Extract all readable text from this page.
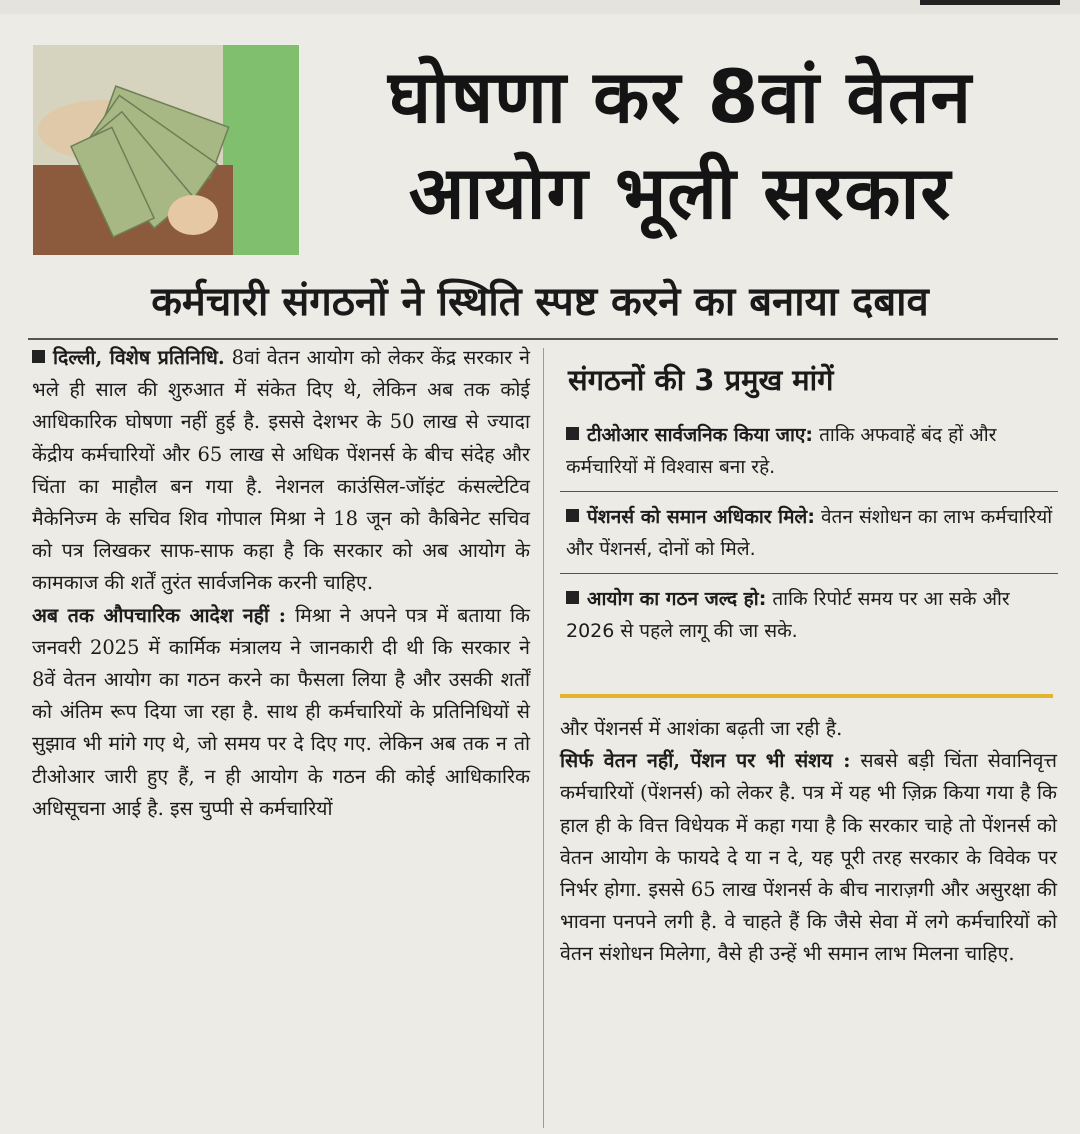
घोषणा कर 8वां वेतन
आयोग भूली सरकार
कर्मचारी संगठनों ने स्थिति स्पष्ट करने का बनाया दबाव

दिल्ली, विशेष प्रतिनिधि. 8वां वेतन आयोग को लेकर केंद्र सरकार ने भले ही साल की शुरुआत में संकेत दिए थे, लेकिन अब तक कोई आधिकारिक घोषणा नहीं हुई है. इससे देशभर के 50 लाख से ज्यादा केंद्रीय कर्मचारियों और 65 लाख से अधिक पेंशनर्स के बीच संदेह और चिंता का माहौल बन गया है. नेशनल काउंसिल-जॉइंट कंसल्टेटिव मैकेनिज्म के सचिव शिव गोपाल मिश्रा ने 18 जून को कैबिनेट सचिव को पत्र लिखकर साफ-साफ कहा है कि सरकार को अब आयोग के कामकाज की शर्तें तुरंत सार्वजनिक करनी चाहिए.

अब तक औपचारिक आदेश नहीं : मिश्रा ने अपने पत्र में बताया कि जनवरी 2025 में कार्मिक मंत्रालय ने जानकारी दी थी कि सरकार ने 8वें वेतन आयोग का गठन करने का फैसला लिया है और उसकी शर्तों को अंतिम रूप दिया जा रहा है. साथ ही कर्मचारियों के प्रतिनिधियों से सुझाव भी मांगे गए थे, जो समय पर दे दिए गए. लेकिन अब तक न तो टीओआर जारी हुए हैं, न ही आयोग के गठन की कोई आधिकारिक अधिसूचना आई है. इस चुप्पी से कर्मचारियों

संगठनों की 3 प्रमुख मांगें
टीओआर सार्वजनिक किया जाए: ताकि अफवाहें बंद हों और कर्मचारियों में विश्वास बना रहे.
पेंशनर्स को समान अधिकार मिले: वेतन संशोधन का लाभ कर्मचारियों और पेंशनर्स, दोनों को मिले.
आयोग का गठन जल्द हो: ताकि रिपोर्ट समय पर आ सके और 2026 से पहले लागू की जा सके.

और पेंशनर्स में आशंका बढ़ती जा रही है.

सिर्फ वेतन नहीं, पेंशन पर भी संशय : सबसे बड़ी चिंता सेवानिवृत्त कर्मचारियों (पेंशनर्स) को लेकर है. पत्र में यह भी ज़िक्र किया गया है कि हाल ही के वित्त विधेयक में कहा गया है कि सरकार चाहे तो पेंशनर्स को वेतन आयोग के फायदे दे या न दे, यह पूरी तरह सरकार के विवेक पर निर्भर होगा. इससे 65 लाख पेंशनर्स के बीच नाराज़गी और असुरक्षा की भावना पनपने लगी है. वे चाहते हैं कि जैसे सेवा में लगे कर्मचारियों को वेतन संशोधन मिलेगा, वैसे ही उन्हें भी समान लाभ मिलना चाहिए.
